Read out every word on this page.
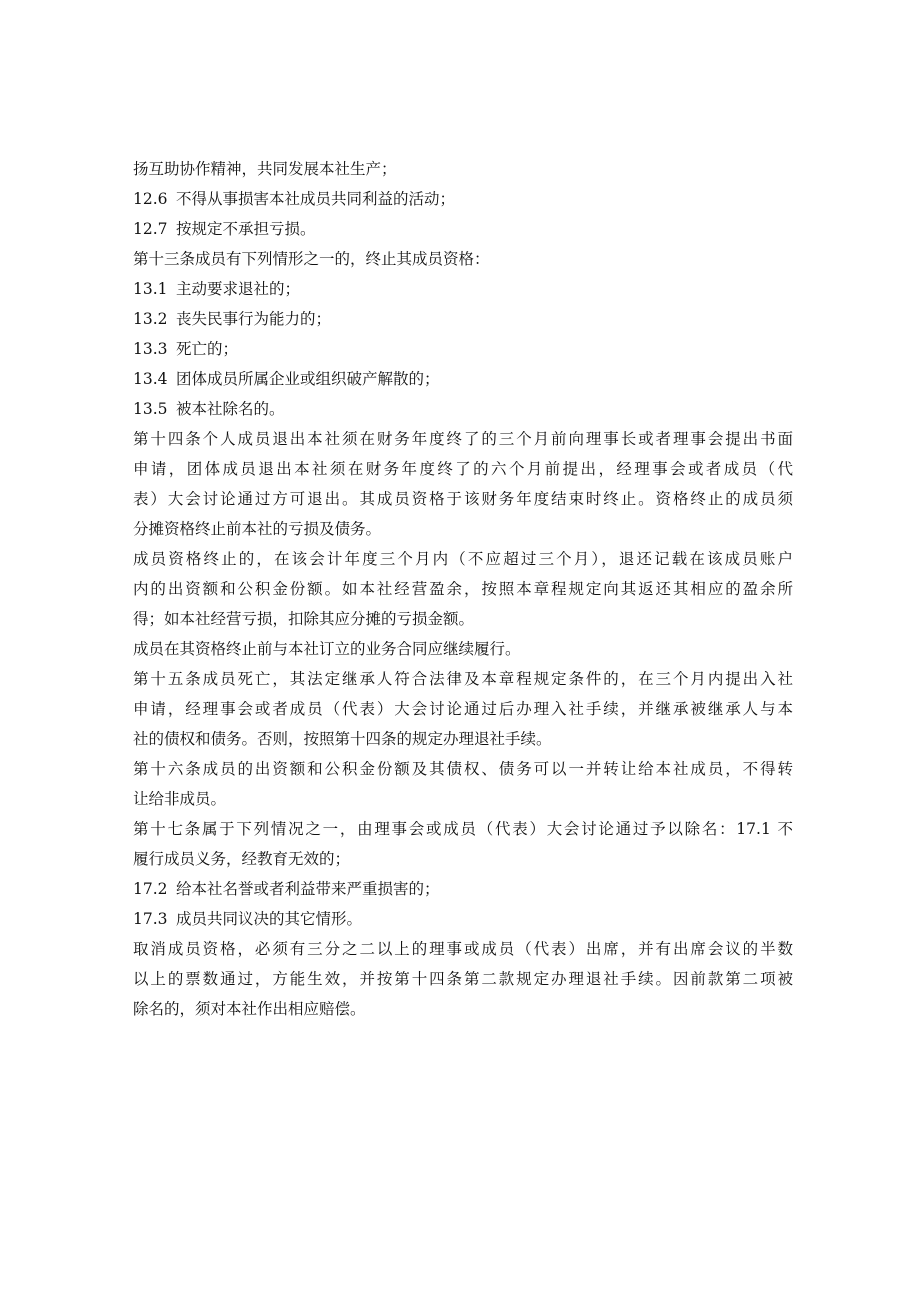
扬互助协作精神，共同发展本社生产；

12.6 不得从事损害本社成员共同利益的活动；

12.7 按规定不承担亏损。

第十三条成员有下列情形之一的，终止其成员资格：

13.1 主动要求退社的；

13.2 丧失民事行为能力的；

13.3 死亡的；

13.4 团体成员所属企业或组织破产解散的；

13.5 被本社除名的。

第十四条个人成员退出本社须在财务年度终了的三个月前向理事长或者理事会提出书面

申请，团体成员退出本社须在财务年度终了的六个月前提出，经理事会或者成员（代

表）大会讨论通过方可退出。其成员资格于该财务年度结束时终止。资格终止的成员须

分摊资格终止前本社的亏损及债务。

成员资格终止的，在该会计年度三个月内（不应超过三个月），退还记载在该成员账户

内的出资额和公积金份额。如本社经营盈余，按照本章程规定向其返还其相应的盈余所

得；如本社经营亏损，扣除其应分摊的亏损金额。

成员在其资格终止前与本社订立的业务合同应继续履行。

第十五条成员死亡，其法定继承人符合法律及本章程规定条件的，在三个月内提出入社

申请，经理事会或者成员（代表）大会讨论通过后办理入社手续，并继承被继承人与本

社的债权和债务。否则，按照第十四条的规定办理退社手续。

第十六条成员的出资额和公积金份额及其债权、债务可以一并转让给本社成员，不得转

让给非成员。

第十七条属于下列情况之一，由理事会或成员（代表）大会讨论通过予以除名：17.1 不

履行成员义务，经教育无效的；

17.2 给本社名誉或者利益带来严重损害的；

17.3 成员共同议决的其它情形。

取消成员资格，必须有三分之二以上的理事或成员（代表）出席，并有出席会议的半数

以上的票数通过，方能生效，并按第十四条第二款规定办理退社手续。因前款第二项被

除名的，须对本社作出相应赔偿。
